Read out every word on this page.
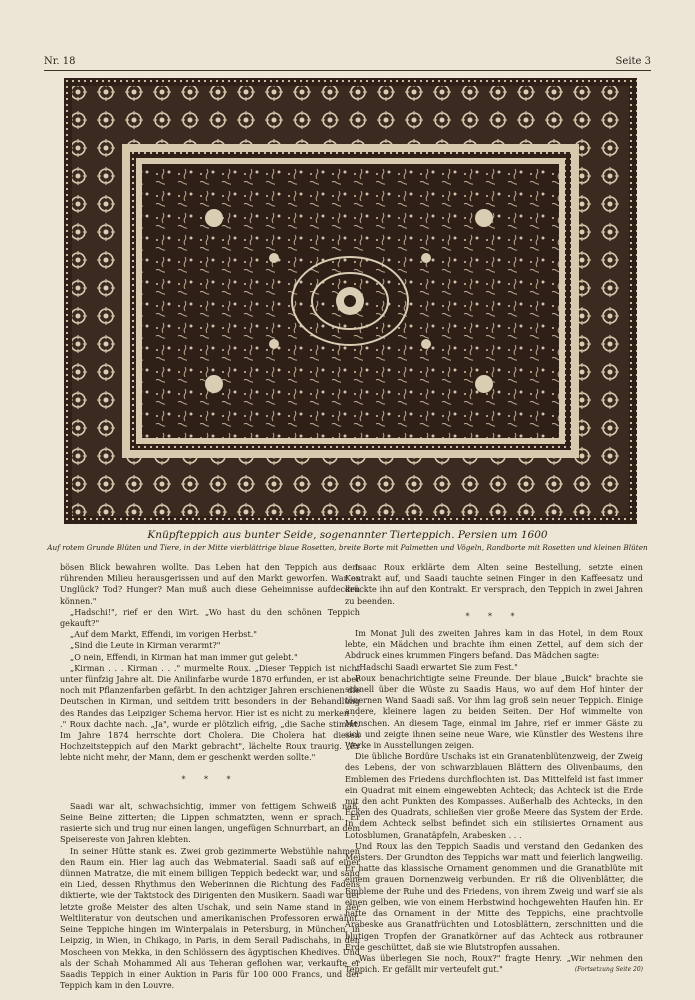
Nr. 18	Seite 3
Knüpfteppich aus bunter Seide, sogenannter Tierteppich. Persien um 1600
Auf rotem Grunde Blüten und Tiere, in der Mitte vierblättrige blaue Rosetten, breite Borte mit Palmetten und Vögeln, Randborte mit Rosetten und kleinen Blüten

bösen Blick bewahren wollte. Das Leben hat den Teppich aus dem rührenden Milieu herausgerissen und auf den Markt geworfen. War es Unglück? Tod? Hunger? Man muß auch diese Geheimnisse aufdecken können."

„Hadschi!", rief er den Wirt. „Wo hast du den schönen Teppich gekauft?"

„Auf dem Markt, Effendi, im vorigen Herbst."

„Sind die Leute in Kirman verarmt?"

„O nein, Effendi, in Kirman hat man immer gut gelebt."

„Kirman . . . Kirman . . ." murmelte Roux. „Dieser Teppich ist nicht unter fünfzig Jahre alt. Die Anilinfarbe wurde 1870 erfunden, er ist aber noch mit Pflanzenfarben gefärbt. In den achtziger Jahren erschienen die Deutschen in Kirman, und seitdem tritt besonders in der Behandlung des Randes das Leipziger Schema hervor. Hier ist es nicht zu merken . . ." Roux dachte nach. „Ja", wurde er plötzlich eifrig, „die Sache stimmt. Im Jahre 1874 herrschte dort Cholera. Die Cholera hat diesen Hochzeitsteppich auf den Markt gebracht", lächelte Roux traurig. „Er lebte nicht mehr, der Mann, dem er geschenkt werden sollte."

* * *

Saadi war alt, schwachsichtig, immer von fettigem Schweiß naß, Seine Beine zitterten; die Lippen schmatzten, wenn er sprach. Er rasierte sich und trug nur einen langen, ungefügen Schnurrbart, an dem Speisereste von Jahren klebten.

In seiner Hütte stank es. Zwei grob gezimmerte Webstühle nahmen den Raum ein. Hier lag auch das Webmaterial. Saadi saß auf einer dünnen Matratze, die mit einem billigen Teppich bedeckt war, und sang ein Lied, dessen Rhythmus den Weberinnen die Richtung des Fadens diktierte, wie der Taktstock des Dirigenten den Musikern. Saadi war der letzte große Meister des alten Uschak, und sein Name stand in der Weltliteratur von deutschen und amerikanischen Professoren erwähnt. Seine Teppiche hingen im Winterpalais in Petersburg, in München, in Leipzig, in Wien, in Chikago, in Paris, in dem Serail Padischahs, in den Moscheen von Mekka, in den Schlössern des ägyptischen Khedives. Und als der Schah Mohammed Ali aus Teheran geflohen war, verkaufte er Saadis Teppich in einer Auktion in Paris für 100 000 Francs, und der Teppich kam in den Louvre.

Isaac Roux erklärte dem Alten seine Bestellung, setzte einen Kontrakt auf, und Saadi tauchte seinen Finger in den Kaffeesatz und drückte ihn auf den Kontrakt. Er versprach, den Teppich in zwei Jahren zu beenden.

* * *

Im Monat Juli des zweiten Jahres kam in das Hotel, in dem Roux lebte, ein Mädchen und brachte ihm einen Zettel, auf dem sich der Abdruck eines krummen Fingers befand. Das Mädchen sagte:

„Hadschi Saadi erwartet Sie zum Fest."

Roux benachrichtigte seine Freunde. Der blaue „Buick" brachte sie schnell über die Wüste zu Saadis Haus, wo auf dem Hof hinter der tönernen Wand Saadi saß. Vor ihm lag groß sein neuer Teppich. Einige andere, kleinere lagen zu beiden Seiten. Der Hof wimmelte von Menschen. An diesem Tage, einmal im Jahre, rief er immer Gäste zu sich und zeigte ihnen seine neue Ware, wie Künstler des Westens ihre Werke in Ausstellungen zeigen.

Die übliche Bordüre Uschaks ist ein Granatenblütenzweig, der Zweig des Lebens, der von schwarzblauen Blättern des Olivenbaums, den Emblemen des Friedens durchflochten ist. Das Mittelfeld ist fast immer ein Quadrat mit einem eingewebten Achteck; das Achteck ist die Erde mit den acht Punkten des Kompasses. Außerhalb des Achtecks, in den Ecken des Quadrats, schließen vier große Meere das System der Erde. In dem Achteck selbst befindet sich ein stilisiertes Ornament aus Lotosblumen, Granatäpfeln, Arabesken . . .

Und Roux las den Teppich Saadis und verstand den Gedanken des Meisters. Der Grundton des Teppichs war matt und feierlich langweilig. Er hatte das klassische Ornament genommen und die Granatblüte mit einem grauen Dornenzweig verbunden. Er riß die Olivenblätter, die Embleme der Ruhe und des Friedens, von ihrem Zweig und warf sie als einen gelben, wie von einem Herbstwind hochgewehten Haufen hin. Er hatte das Ornament in der Mitte des Teppichs, eine prachtvolle Arabeske aus Granatfrüchten und Lotosblättern, zerschnitten und die blutigen Tropfen der Granatkörner auf das Achteck aus rotbrauner Erde geschüttet, daß sie wie Blutstropfen aussahen.

„Was überlegen Sie noch, Roux?" fragte Henry. „Wir nehmen den Teppich. Er gefällt mir verteufelt gut."	(Fortsetzung Seite 20)
